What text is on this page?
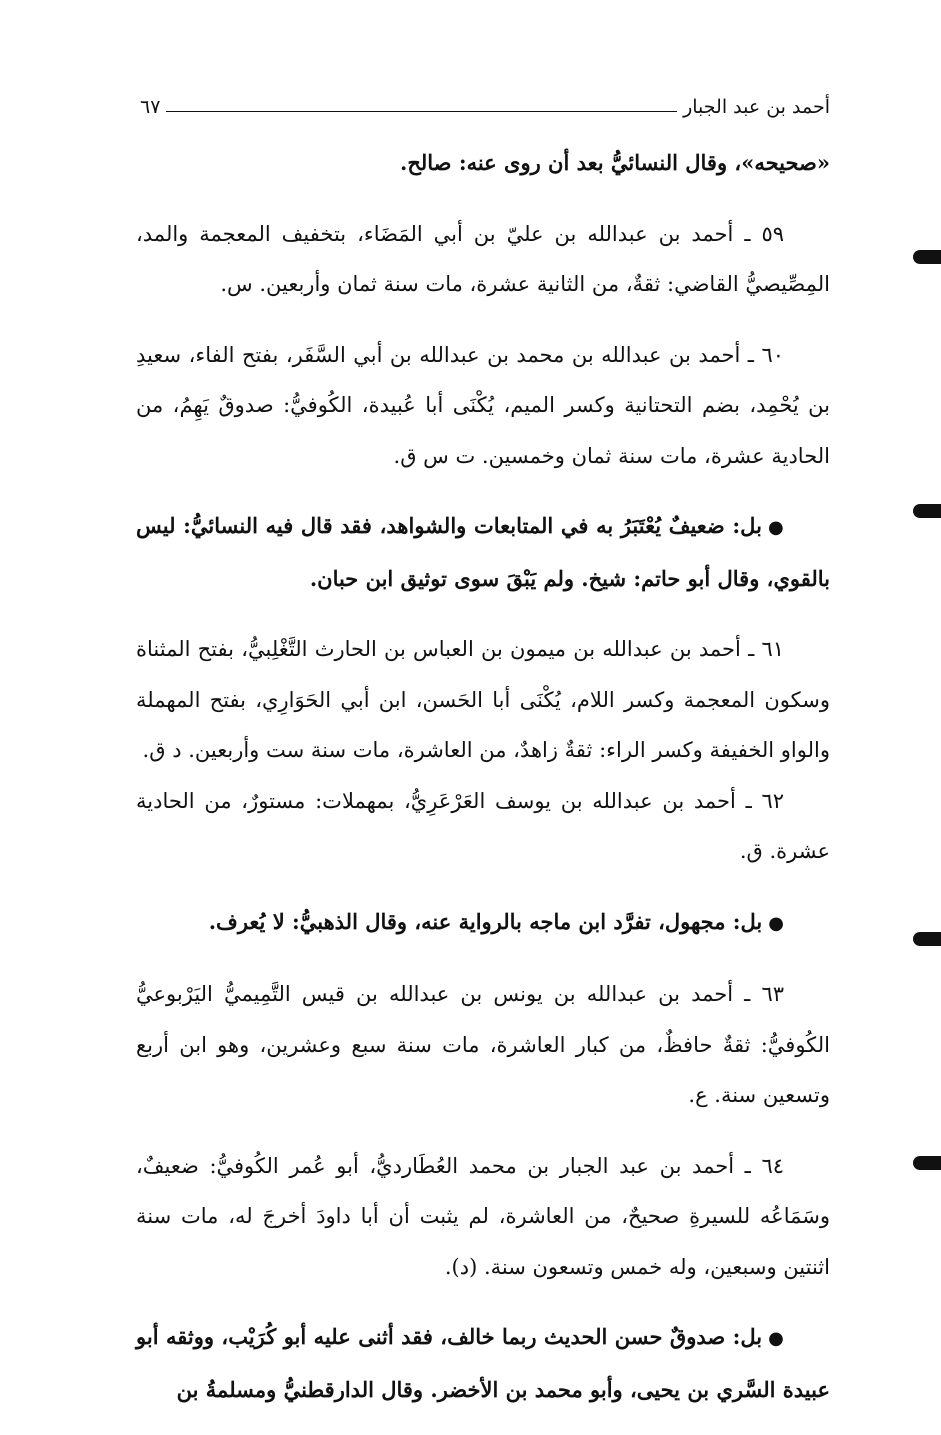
أحمد بن عبد الجبار
٦٧
«صحيحه»، وقال النسائيُّ بعد أن روى عنه: صالح.
٥٩ ـ أحمد بن عبدالله بن عليّ بن أبي المَضَاء، بتخفيف المعجمة والمد، المِصِّيصيُّ القاضي: ثقةٌ، من الثانية عشرة، مات سنة ثمان وأربعين. س.
٦٠ ـ أحمد بن عبدالله بن محمد بن عبدالله بن أبي السَّفَر، بفتح الفاء، سعيدِ بن يُحْمِد، بضم التحتانية وكسر الميم، يُكْنَى أبا عُبيدة، الكُوفيُّ: صدوقٌ يَهِمُ، من الحادية عشرة، مات سنة ثمان وخمسين. ت س ق.
●بل: ضعيفٌ يُعْتَبَرُ به في المتابعات والشواهد، فقد قال فيه النسائيُّ: ليس بالقوي، وقال أبو حاتم: شيخ. ولم يَبْقَ سوى توثيق ابن حبان.
٦١ ـ أحمد بن عبدالله بن ميمون بن العباس بن الحارث التَّغْلِبيُّ، بفتح المثناة وسكون المعجمة وكسر اللام، يُكْنَى أبا الحَسن، ابن أبي الحَوَارِي، بفتح المهملة والواو الخفيفة وكسر الراء: ثقةٌ زاهدٌ، من العاشرة، مات سنة ست وأربعين. د ق.
٦٢ ـ أحمد بن عبدالله بن يوسف العَرْعَرِيُّ، بمهملات: مستورٌ، من الحادية عشرة. ق.
●بل: مجهول، تفرَّد ابن ماجه بالرواية عنه، وقال الذهبيُّ: لا يُعرف.
٦٣ ـ أحمد بن عبدالله بن يونس بن عبدالله بن قيس التَّمِيميُّ اليَرْبوعيُّ الكُوفيُّ: ثقةٌ حافظٌ، من كبار العاشرة، مات سنة سبع وعشرين، وهو ابن أربع وتسعين سنة. ع.
٦٤ ـ أحمد بن عبد الجبار بن محمد العُطَارديُّ، أبو عُمر الكُوفيُّ: ضعيفٌ، وسَمَاعُه للسيرةِ صحيحٌ، من العاشرة، لم يثبت أن أبا داودَ أخرجَ له، مات سنة اثنتين وسبعين، وله خمس وتسعون سنة. (د).
●بل: صدوقٌ حسن الحديث ربما خالف، فقد أثنى عليه أبو كُرَيْب، ووثقه أبو عبيدة السَّري بن يحيى، وأبو محمد بن الأخضر. وقال الدارقطنيُّ ومسلمةُ بن
